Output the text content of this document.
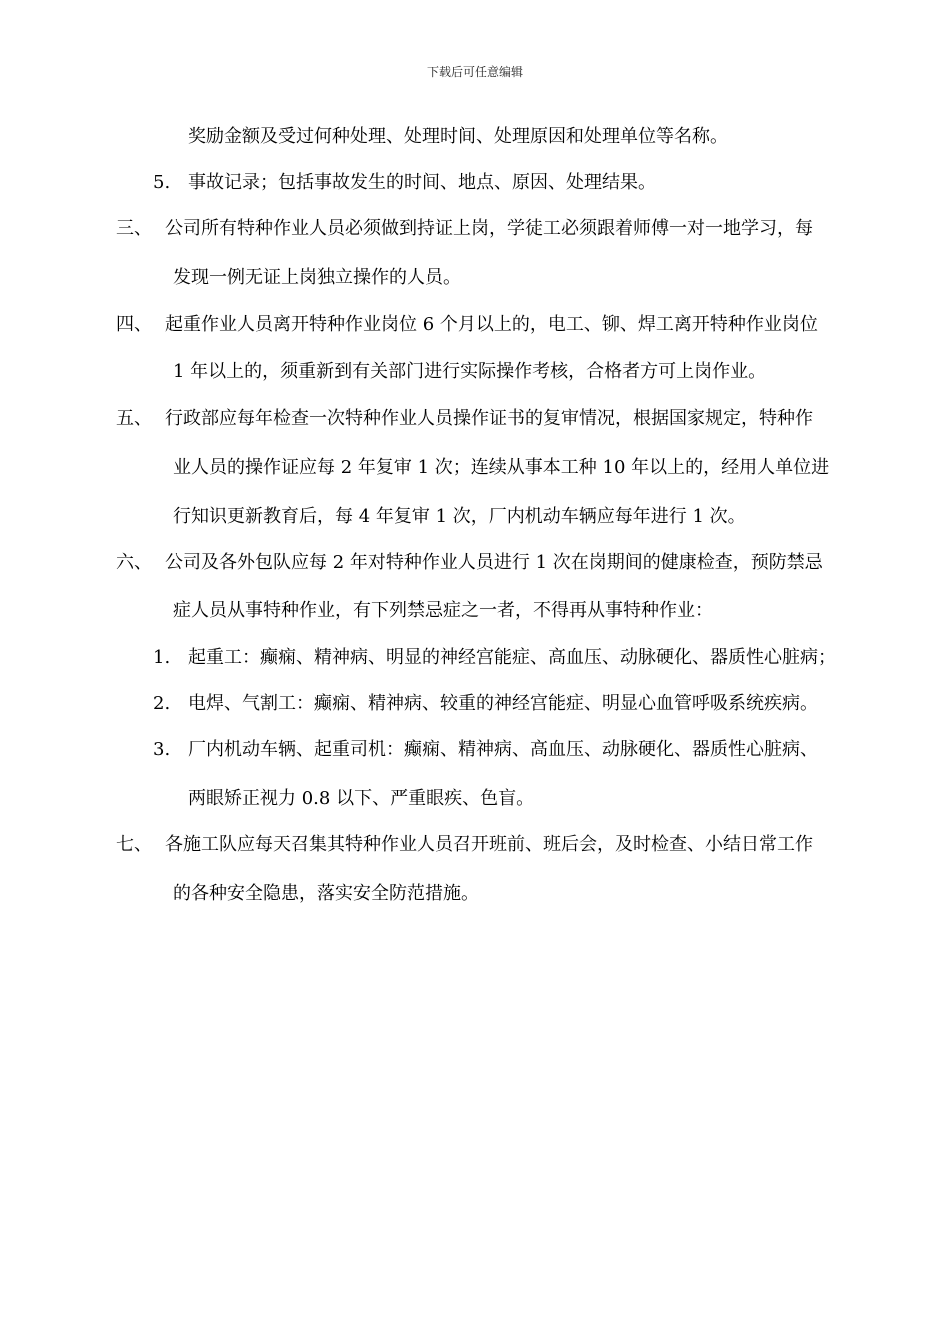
下载后可任意编辑
奖励金额及受过何种处理、处理时间、处理原因和处理单位等名称。
5. 事故记录；包括事故发生的时间、地点、原因、处理结果。
三、 公司所有特种作业人员必须做到持证上岗，学徒工必须跟着师傅一对一地学习，每
发现一例无证上岗独立操作的人员。
四、 起重作业人员离开特种作业岗位 6 个月以上的，电工、铆、焊工离开特种作业岗位
1 年以上的，须重新到有关部门进行实际操作考核，合格者方可上岗作业。
五、 行政部应每年检查一次特种作业人员操作证书的复审情况，根据国家规定，特种作
业人员的操作证应每 2 年复审 1 次；连续从事本工种 10 年以上的，经用人单位进
行知识更新教育后，每 4 年复审 1 次，厂内机动车辆应每年进行 1 次。
六、 公司及各外包队应每 2 年对特种作业人员进行 1 次在岗期间的健康检查，预防禁忌
症人员从事特种作业，有下列禁忌症之一者，不得再从事特种作业：
1. 起重工：癫痫、精神病、明显的神经宫能症、高血压、动脉硬化、器质性心脏病；
2. 电焊、气割工：癫痫、精神病、较重的神经宫能症、明显心血管呼吸系统疾病。
3. 厂内机动车辆、起重司机：癫痫、精神病、高血压、动脉硬化、器质性心脏病、
两眼矫正视力 0.8 以下、严重眼疾、色盲。
七、 各施工队应每天召集其特种作业人员召开班前、班后会，及时检查、小结日常工作
的各种安全隐患，落实安全防范措施。
